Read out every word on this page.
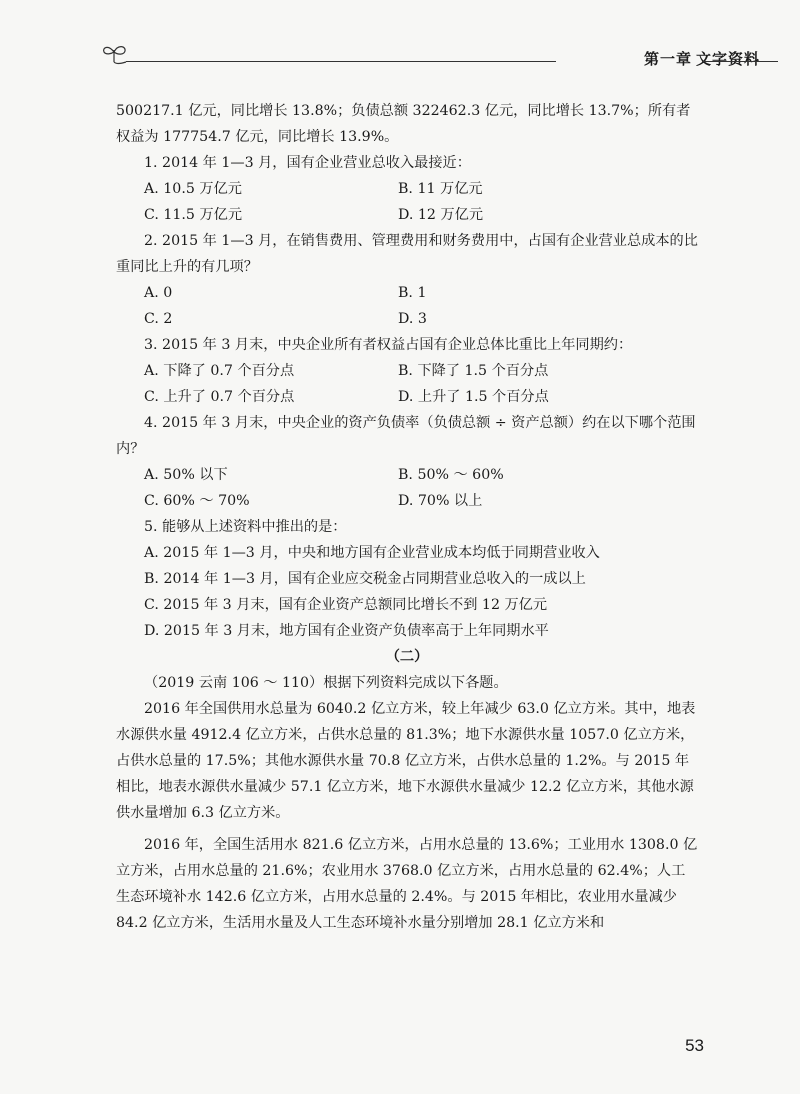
第一章 文字资料

500217.1 亿元，同比增长 13.8%；负债总额 322462.3 亿元，同比增长 13.7%；所有者

权益为 177754.7 亿元，同比增长 13.9%。

1. 2014 年 1—3 月，国有企业营业总收入最接近：

A. 10.5 万亿元	B. 11 万亿元
C. 11.5 万亿元	D. 12 万亿元

2. 2015 年 1—3 月，在销售费用、管理费用和财务费用中，占国有企业营业总成本的比重同比上升的有几项？

A. 0	B. 1
C. 2	D. 3

3. 2015 年 3 月末，中央企业所有者权益占国有企业总体比重比上年同期约：

A. 下降了 0.7 个百分点	B. 下降了 1.5 个百分点
C. 上升了 0.7 个百分点	D. 上升了 1.5 个百分点

4. 2015 年 3 月末，中央企业的资产负债率（负债总额 ÷ 资产总额）约在以下哪个范围内？

A. 50% 以下	B. 50% ～ 60%
C. 60% ～ 70%	D. 70% 以上

5. 能够从上述资料中推出的是：

A. 2015 年 1—3 月，中央和地方国有企业营业成本均低于同期营业收入
B. 2014 年 1—3 月，国有企业应交税金占同期营业总收入的一成以上
C. 2015 年 3 月末，国有企业资产总额同比增长不到 12 万亿元
D. 2015 年 3 月末，地方国有企业资产负债率高于上年同期水平

（二）

（2019 云南 106 ～ 110）根据下列资料完成以下各题。

2016 年全国供用水总量为 6040.2 亿立方米，较上年减少 63.0 亿立方米。其中，地表水源供水量 4912.4 亿立方米，占供水总量的 81.3%；地下水源供水量 1057.0 亿立方米，占供水总量的 17.5%；其他水源供水量 70.8 亿立方米，占供水总量的 1.2%。与 2015 年相比，地表水源供水量减少 57.1 亿立方米，地下水源供水量减少 12.2 亿立方米，其他水源供水量增加 6.3 亿立方米。

2016 年，全国生活用水 821.6 亿立方米，占用水总量的 13.6%；工业用水 1308.0 亿立方米，占用水总量的 21.6%；农业用水 3768.0 亿立方米，占用水总量的 62.4%；人工生态环境补水 142.6 亿立方米，占用水总量的 2.4%。与 2015 年相比，农业用水量减少 84.2 亿立方米，生活用水量及人工生态环境补水量分别增加 28.1 亿立方米和

53
